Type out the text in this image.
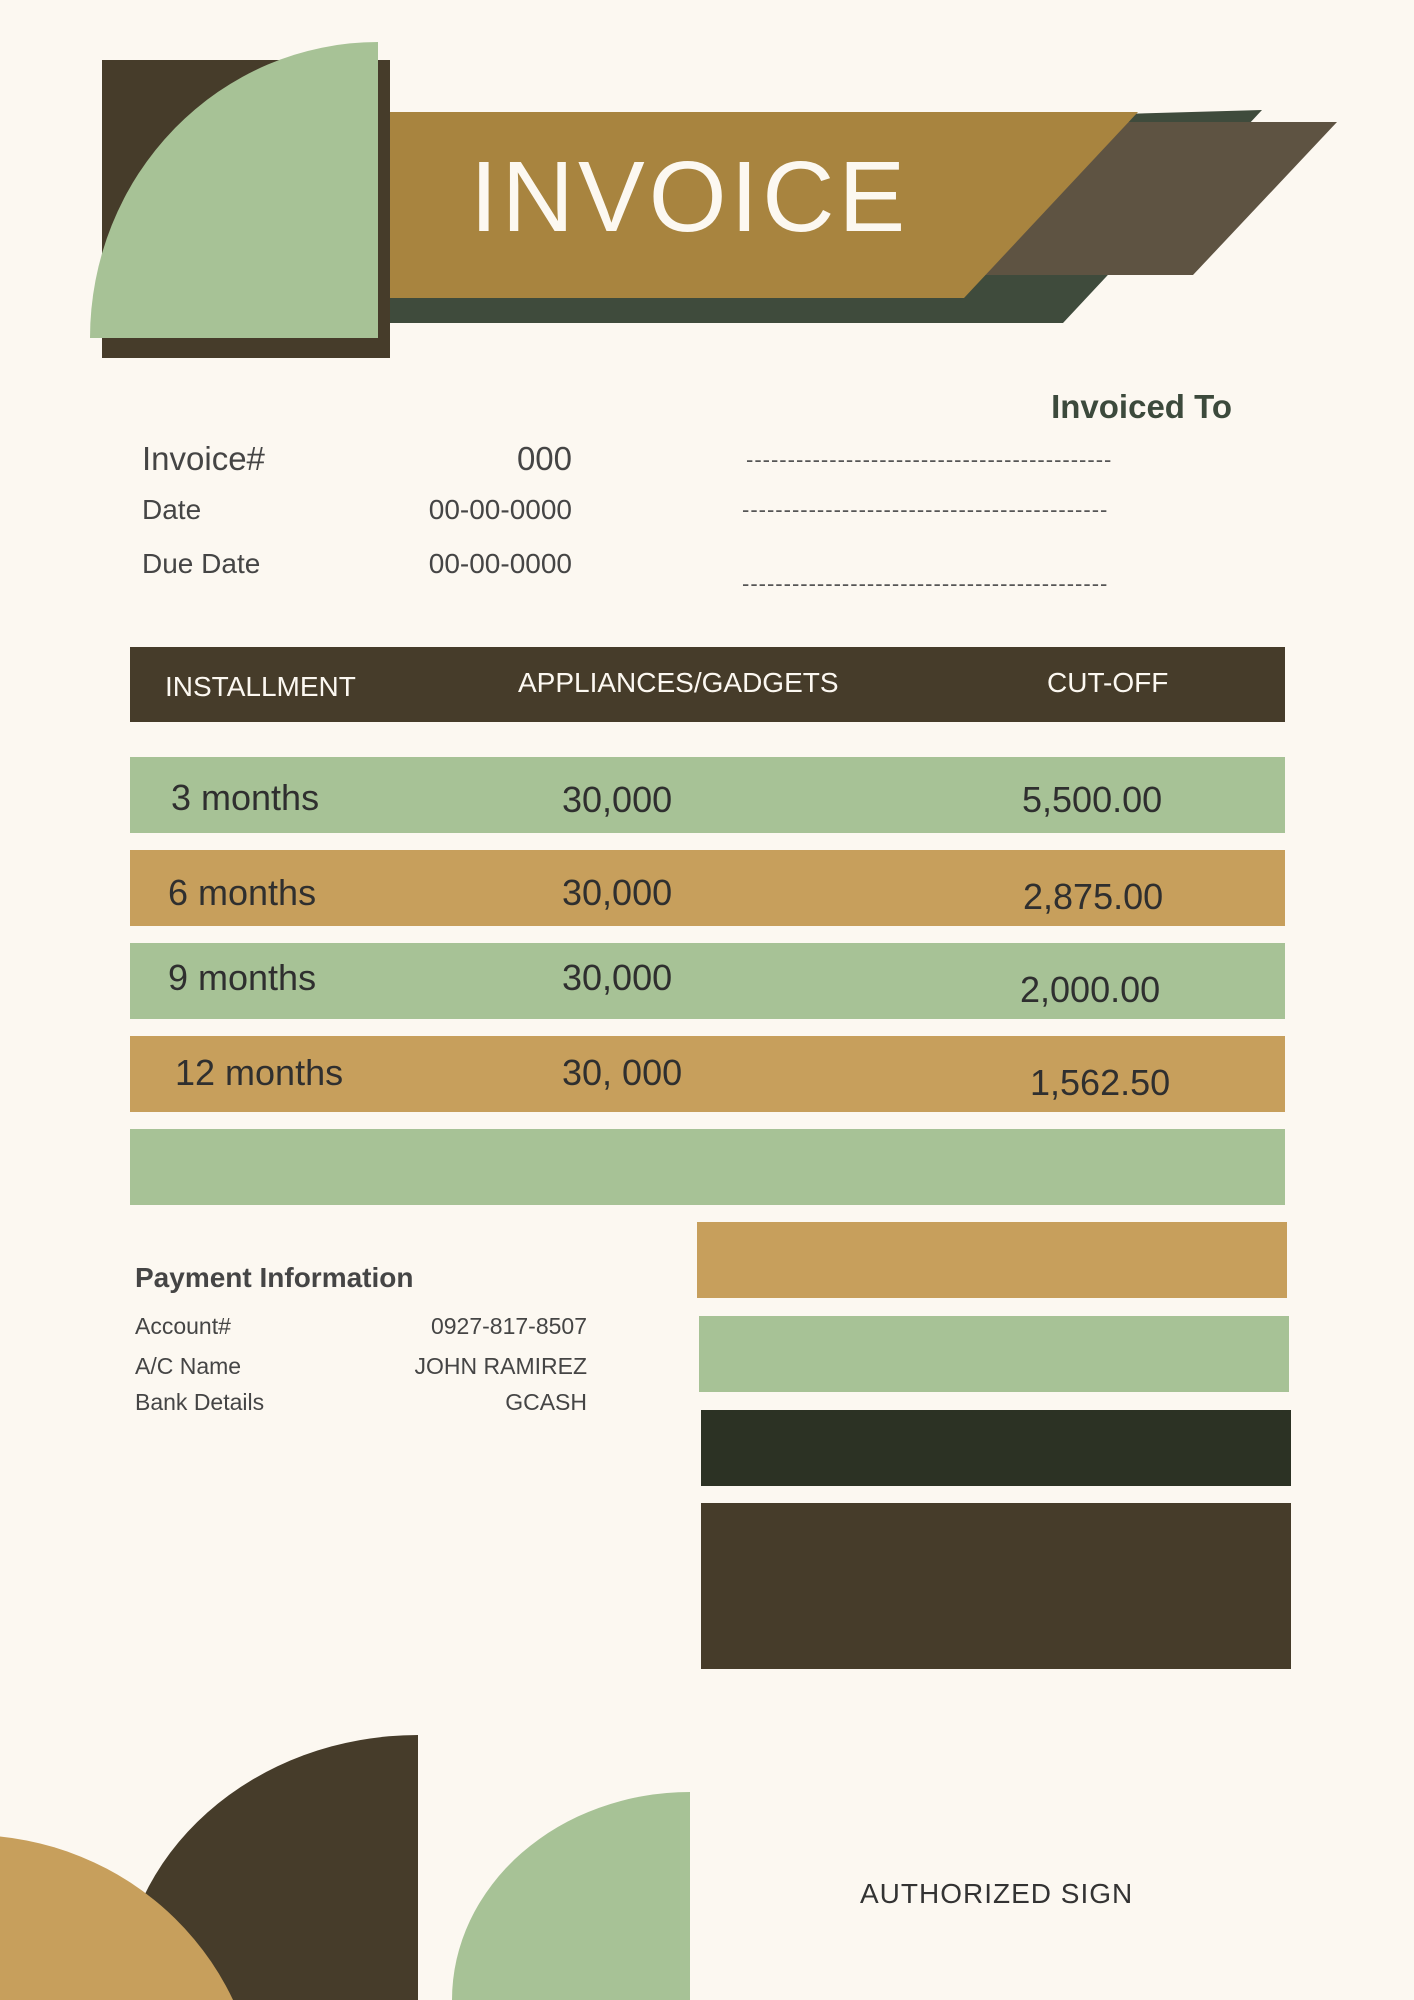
INVOICE
Invoiced To
--------------------------------------------
--------------------------------------------
--------------------------------------------
Invoice#	000
Date	00-00-0000
Due Date	00-00-0000
INSTALLMENT	APPLIANCES/GADGETS	CUT-OFF
3 months	30,000	5,500.00
6 months	30,000	2,875.00
9 months	30,000	2,000.00
12 months	30, 000	1,562.50
Payment Information
Account#	0927-817-8507
A/C Name	JOHN RAMIREZ
Bank Details	GCASH
AUTHORIZED SIGN
